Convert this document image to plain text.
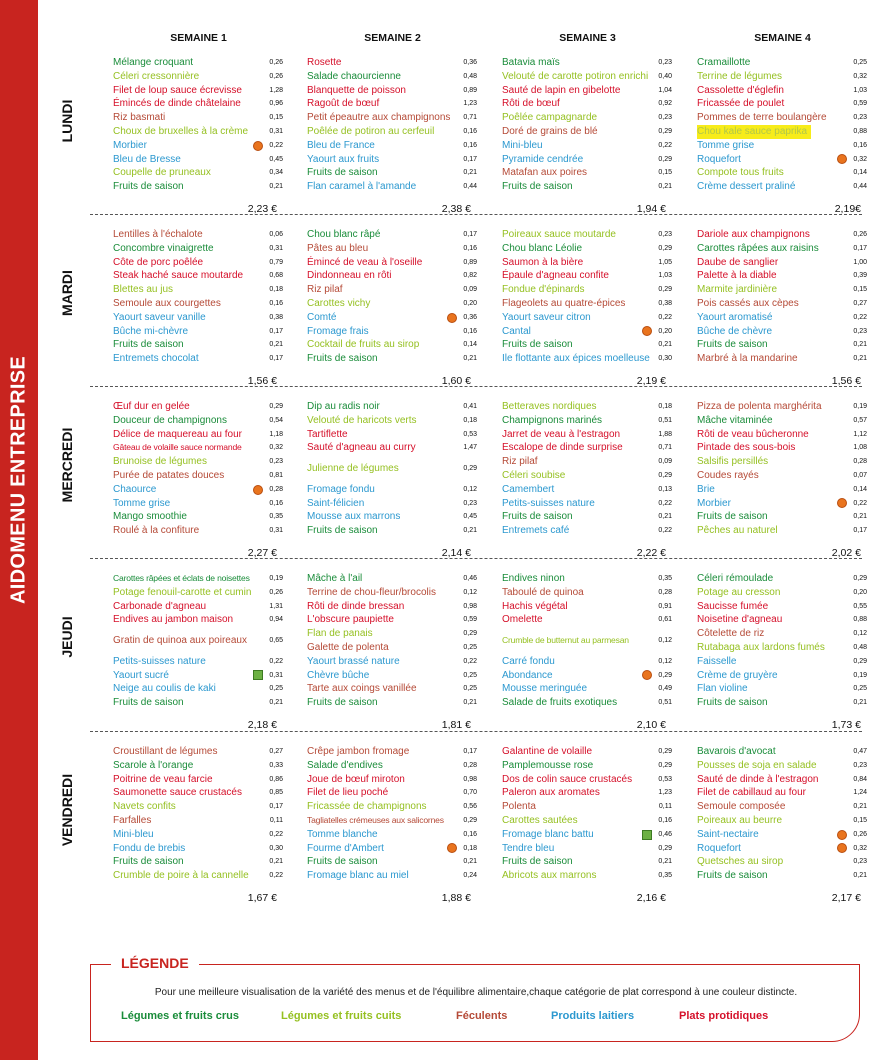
AIDOMENU ENTREPRISE
SEMAINE 1	SEMAINE 2	SEMAINE 3	SEMAINE 4
LUNDI
Mélange croquant	0,26
Céleri cressonnière	0,26
Filet de loup sauce écrevisse	1,28
Émincés de dinde châtelaine	0,96
Riz basmati	0,15
Choux de bruxelles à la crème	0,31
Morbier	0,22
Bleu de Bresse	0,45
Coupelle de pruneaux	0,34
Fruits de saison	0,21
2,23 €
Rosette	0,36
Salade chaourcienne	0,48
Blanquette de poisson	0,89
Ragoût de bœuf	1,23
Petit épeautre aux champignons 0,71
Poêlée de potiron au cerfeuil	0,16
Bleu de France	0,16
Yaourt aux fruits	0,17
Fruits de saison	0,21
Flan caramel à l'amande	0,44
2,38 €
Batavia maïs	0,23
Velouté de carotte potiron enrichi 0,40
Sauté de lapin en gibelotte	1,04
Rôti de bœuf	0,92
Poêlée campagnarde	0,23
Doré de grains de blé	0,29
Mini-bleu	0,22
Pyramide cendrée	0,29
Matafan aux poires	0,15
Fruits de saison	0,21
1,94 €
Cramaillotte	0,25
Terrine de légumes	0,32
Cassolette d'églefin	1,03
Fricassée de poulet	0,59
Pommes de terre boulangère	0,23
Chou kale sauce paprika	0,88
Tomme grise	0,16
Roquefort	0,32
Compote tous fruits	0,14
Crème dessert praliné	0,44
2,19€
MARDI
Lentilles à l'échalote	0,06
Concombre vinaigrette	0,31
Côte de porc poêlée	0,79
Steak haché sauce moutarde	0,68
Blettes au jus	0,18
Semoule aux courgettes	0,16
Yaourt saveur vanille	0,38
Bûche mi-chèvre	0,17
Fruits de saison	0,21
Entremets chocolat	0,17
1,56 €
Chou blanc râpé	0,17
Pâtes au bleu	0,16
Émincé de veau à l'oseille	0,89
Dindonneau en rôti	0,82
Riz pilaf	0,09
Carottes vichy	0,20
Comté	0,36
Fromage frais	0,16
Cocktail de fruits au sirop	0,14
Fruits de saison	0,21
1,60 €
Poireaux sauce moutarde	0,23
Chou blanc Léolie	0,29
Saumon à la bière	1,05
Épaule d'agneau confite	1,03
Fondue d'épinards	0,29
Flageolets au quatre-épices	0,38
Yaourt saveur citron	0,22
Cantal	0,20
Fruits de saison	0,21
Ile flottante aux épices moelleuse 0,30
2,19 €
Dariole aux champignons	0,26
Carottes râpées aux raisins	0,17
Daube de sanglier	1,00
Palette à la diable	0,39
Marmite jardinière	0,15
Pois cassés aux cèpes	0,27
Yaourt aromatisé	0,22
Bûche de chèvre	0,23
Fruits de saison	0,21
Marbré à la mandarine	0,21
1,56 €
MERCREDI
Œuf dur en gelée	0,29
Douceur de champignons	0,54
Délice de maquereau au four	1,18
Gâteau de volaille sauce normande	0,32
Brunoise de légumes	0,23
Purée de patates douces	0,81
Chaource	0,28
Tomme grise	0,16
Mango smoothie	0,35
Roulé à la confiture	0,31
2,27 €
Dip au radis noir	0,41
Velouté de haricots verts	0,18
Tartiflette	0,53
Sauté d'agneau au curry	1,47
Julienne de légumes	0,29
Fromage fondu	0,12
Saint-félicien	0,23
Mousse aux marrons	0,45
Fruits de saison	0,21
2,14 €
Betteraves nordiques	0,18
Champignons marinés	0,51
Jarret de veau à l'estragon	1,88
Escalope de dinde surprise	0,71
Riz pilaf	0,09
Céleri soubise	0,29
Camembert	0,13
Petits-suisses nature	0,22
Fruits de saison	0,21
Entremets café	0,22
2,22 €
Pizza de polenta marghérita	0,19
Mâche vitaminée	0,57
Rôti de veau bûcheronne	1,12
Pintade des sous-bois	1,08
Salsifis persillés	0,28
Coudes rayés	0,07
Brie	0,14
Morbier	0,22
Fruits de saison	0,21
Pêches au naturel	0,17
2,02 €
JEUDI
Carottes râpées et éclats de noisettes	0,19
Potage fenouil-carotte et cumin	0,26
Carbonade d'agneau	1,31
Endives au jambon maison	0,94
Gratin de quinoa aux poireaux	0,65
Petits-suisses nature	0,22
Yaourt sucré	0,31
Neige au coulis de kaki	0,25
Fruits de saison	0,21
2,18 €
Mâche à l'ail	0,46
Terrine de chou-fleur/brocolis	0,12
Rôti de dinde bressan	0,98
L'obscure paupiette	0,59
Flan de panais	0,29
Galette de polenta	0,25
Yaourt brassé nature	0,22
Chèvre bûche	0,25
Tarte aux coings vanillée	0,25
Fruits de saison	0,21
1,81 €
Endives ninon	0,35
Taboulé de quinoa	0,28
Hachis végétal	0,91
Omelette	0,61
Crumble de butternut au parmesan	0,12
Carré fondu	0,12
Abondance	0,29
Mousse meringuée	0,49
Salade de fruits exotiques	0,51
2,10 €
Céleri rémoulade	0,29
Potage au cresson	0,20
Saucisse fumée	0,55
Noisetine d'agneau	0,88
Côtelette de riz	0,12
Rutabaga aux lardons fumés	0,48
Faisselle	0,29
Crème de gruyère	0,19
Flan violine	0,25
Fruits de saison	0,21
1,73 €
VENDREDI
Croustillant de légumes	0,27
Scarole à l'orange	0,33
Poitrine de veau farcie	0,86
Saumonette sauce crustacés	0,85
Navets confits	0,17
Farfalles	0,11
Mini-bleu	0,22
Fondu de brebis	0,30
Fruits de saison	0,21
Crumble de poire à la cannelle	0,22
1,67 €
Crêpe jambon fromage	0,17
Salade d'endives	0,28
Joue de bœuf miroton	0,98
Filet de lieu poché	0,70
Fricassée de champignons	0,56
Tagliatelles crémeuses aux salicornes	0,29
Tomme blanche	0,16
Fourme d'Ambert	0,18
Fruits de saison	0,21
Fromage blanc au miel	0,24
1,88 €
Galantine de volaille	0,29
Pamplemousse rose	0,29
Dos de colin sauce crustacés	0,53
Paleron aux aromates	1,23
Polenta	0,11
Carottes sautées	0,16
Fromage blanc battu	0,46
Tendre bleu	0,29
Fruits de saison	0,21
Abricots aux marrons	0,35
2,16 €
Bavarois d'avocat	0,47
Pousses de soja en salade	0,23
Sauté de dinde à l'estragon	0,84
Filet de cabillaud au four	1,24
Semoule composée	0,21
Poireaux au beurre	0,15
Saint-nectaire	0,26
Roquefort	0,32
Quetsches au sirop	0,23
Fruits de saison	0,21
2,17 €
LÉGENDE
Pour une meilleure visualisation de la variété des menus et de l'équilibre alimentaire,chaque catégorie de plat correspond à une couleur distincte.
Légumes et fruits crus	Légumes et fruits cuits	Féculents	Produits laitiers	Plats protidiques
